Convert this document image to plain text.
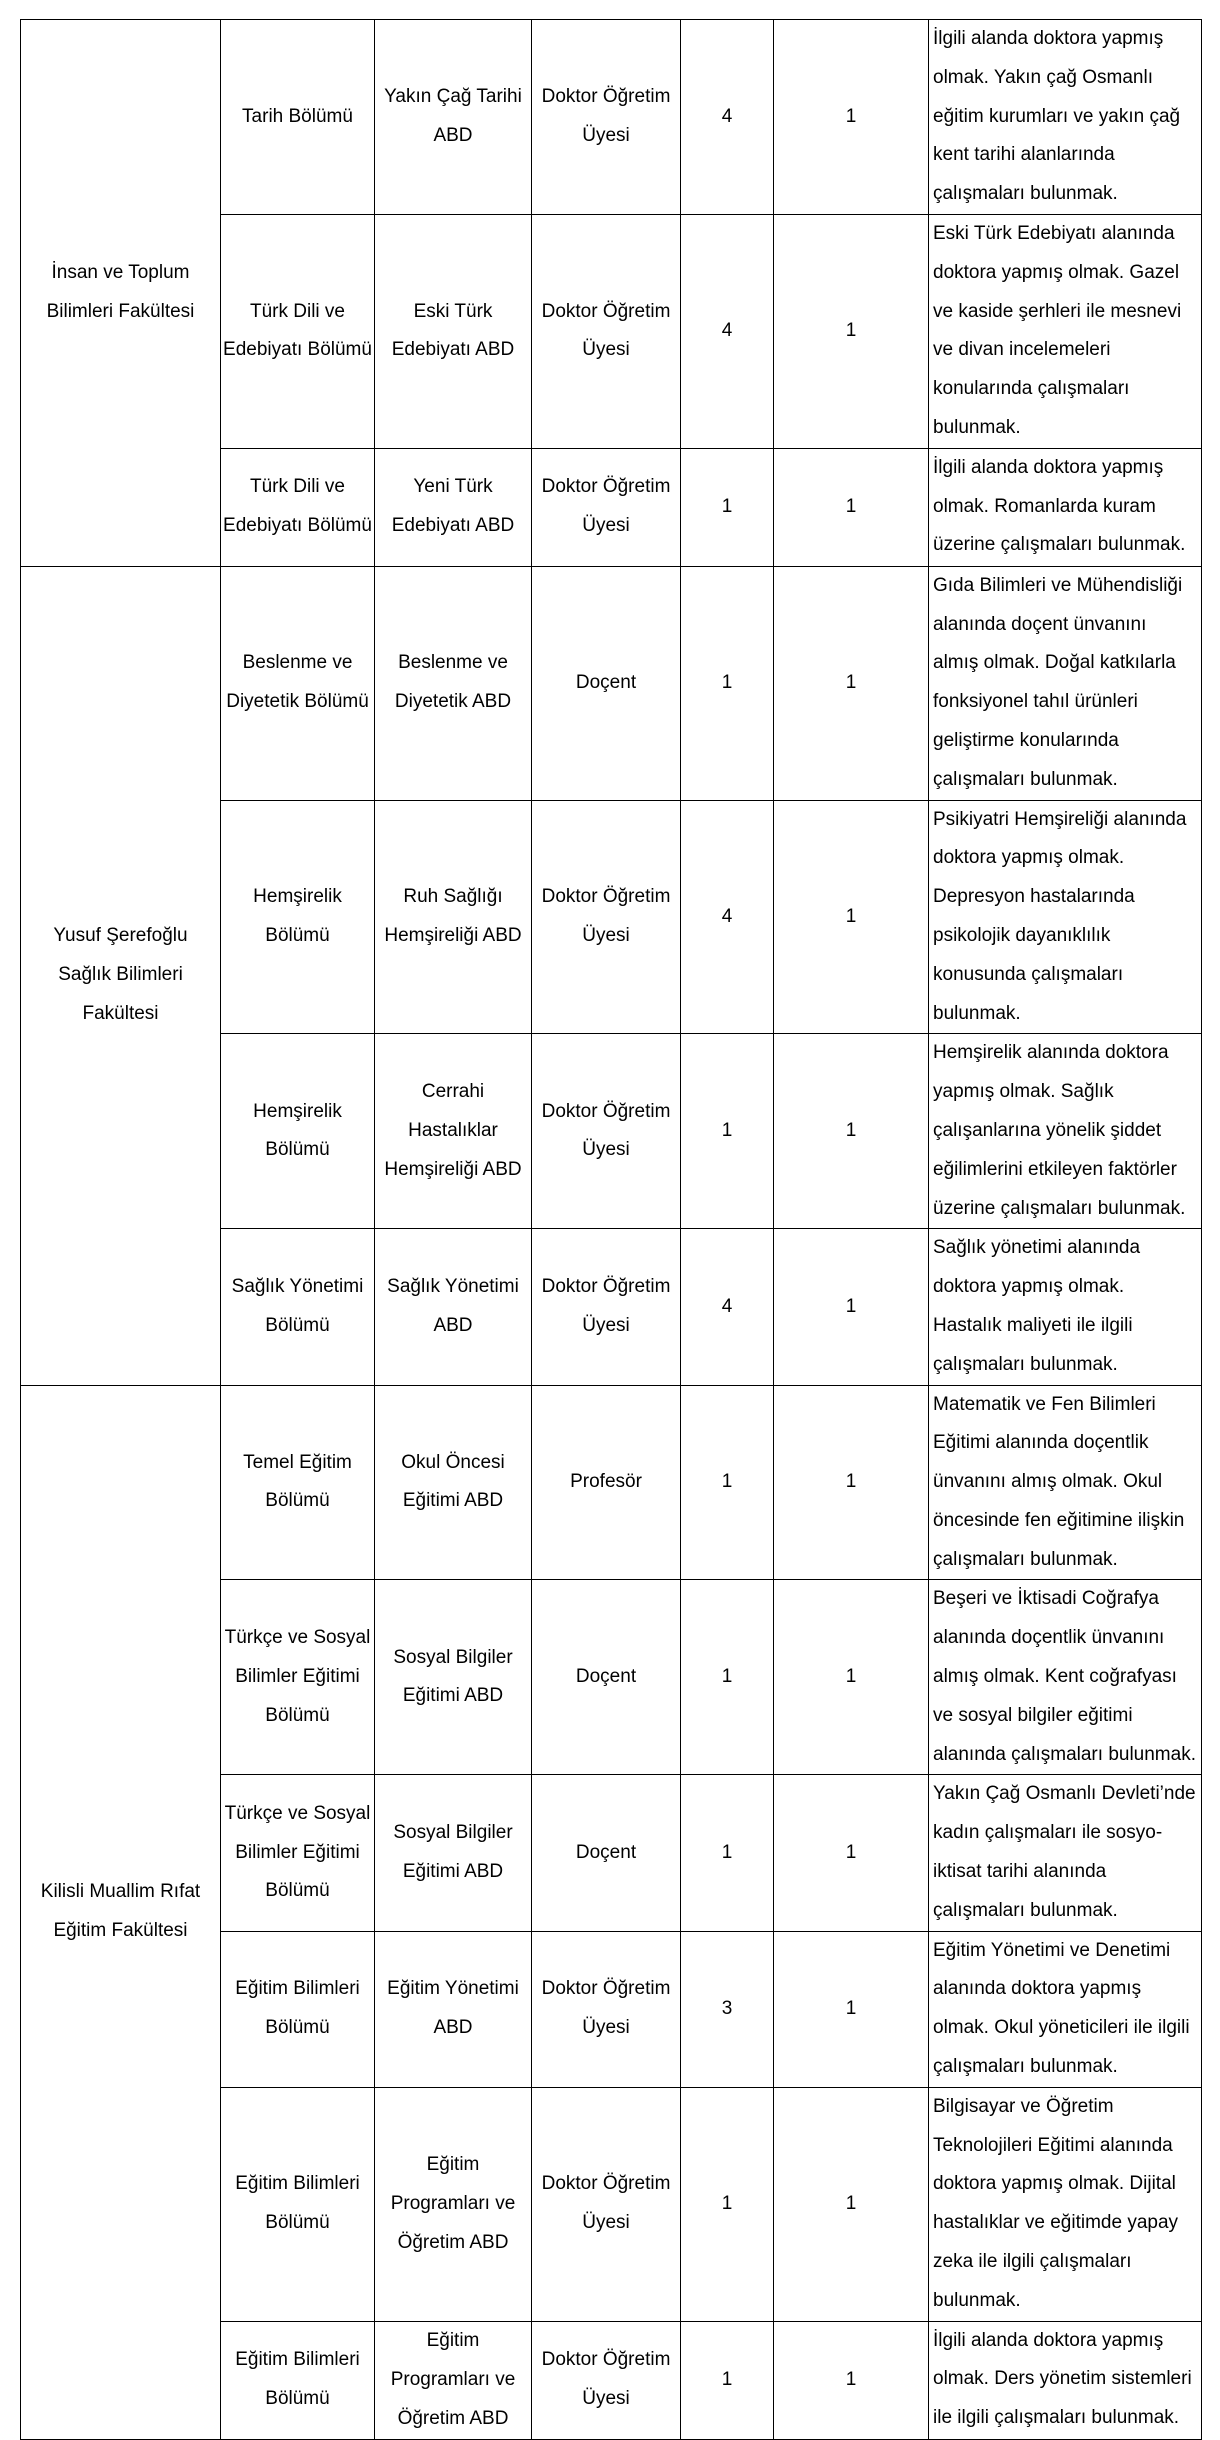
İnsan ve Toplum Bilimleri Fakültesi	Tarih Bölümü	Yakın Çağ Tarihi ABD	Doktor Öğretim Üyesi	4	1	İlgili alanda doktora yapmış olmak. Yakın çağ Osmanlı eğitim kurumları ve yakın çağ kent tarihi alanlarında çalışmaları bulunmak.
	Türk Dili ve Edebiyatı Bölümü	Eski Türk Edebiyatı ABD	Doktor Öğretim Üyesi	4	1	Eski Türk Edebiyatı alanında doktora yapmış olmak. Gazel ve kaside şerhleri ile mesnevi ve divan incelemeleri konularında çalışmaları bulunmak.
	Türk Dili ve Edebiyatı Bölümü	Yeni Türk Edebiyatı ABD	Doktor Öğretim Üyesi	1	1	İlgili alanda doktora yapmış olmak. Romanlarda kuram üzerine çalışmaları bulunmak.
Yusuf Şerefoğlu Sağlık Bilimleri Fakültesi	Beslenme ve Diyetetik Bölümü	Beslenme ve Diyetetik ABD	Doçent	1	1	Gıda Bilimleri ve Mühendisliği alanında doçent ünvanını almış olmak. Doğal katkılarla fonksiyonel tahıl ürünleri geliştirme konularında çalışmaları bulunmak.
	Hemşirelik Bölümü	Ruh Sağlığı Hemşireliği ABD	Doktor Öğretim Üyesi	4	1	Psikiyatri Hemşireliği alanında doktora yapmış olmak. Depresyon hastalarında psikolojik dayanıklılık konusunda çalışmaları bulunmak.
	Hemşirelik Bölümü	Cerrahi Hastalıklar Hemşireliği ABD	Doktor Öğretim Üyesi	1	1	Hemşirelik alanında doktora yapmış olmak. Sağlık çalışanlarına yönelik şiddet eğilimlerini etkileyen faktörler üzerine çalışmaları bulunmak.
	Sağlık Yönetimi Bölümü	Sağlık Yönetimi ABD	Doktor Öğretim Üyesi	4	1	Sağlık yönetimi alanında doktora yapmış olmak. Hastalık maliyeti ile ilgili çalışmaları bulunmak.
Kilisli Muallim Rıfat Eğitim Fakültesi	Temel Eğitim Bölümü	Okul Öncesi Eğitimi ABD	Profesör	1	1	Matematik ve Fen Bilimleri Eğitimi alanında doçentlik ünvanını almış olmak. Okul öncesinde fen eğitimine ilişkin çalışmaları bulunmak.
	Türkçe ve Sosyal Bilimler Eğitimi Bölümü	Sosyal Bilgiler Eğitimi ABD	Doçent	1	1	Beşeri ve İktisadi Coğrafya alanında doçentlik ünvanını almış olmak. Kent coğrafyası ve sosyal bilgiler eğitimi alanında çalışmaları bulunmak.
	Türkçe ve Sosyal Bilimler Eğitimi Bölümü	Sosyal Bilgiler Eğitimi ABD	Doçent	1	1	Yakın Çağ Osmanlı Devleti’nde kadın çalışmaları ile sosyo-iktisat tarihi alanında çalışmaları bulunmak.
	Eğitim Bilimleri Bölümü	Eğitim Yönetimi ABD	Doktor Öğretim Üyesi	3	1	Eğitim Yönetimi ve Denetimi alanında doktora yapmış olmak. Okul yöneticileri ile ilgili çalışmaları bulunmak.
	Eğitim Bilimleri Bölümü	Eğitim Programları ve Öğretim ABD	Doktor Öğretim Üyesi	1	1	Bilgisayar ve Öğretim Teknolojileri Eğitimi alanında doktora yapmış olmak. Dijital hastalıklar ve eğitimde yapay zeka ile ilgili çalışmaları bulunmak.
	Eğitim Bilimleri Bölümü	Eğitim Programları ve Öğretim ABD	Doktor Öğretim Üyesi	1	1	İlgili alanda doktora yapmış olmak. Ders yönetim sistemleri ile ilgili çalışmaları bulunmak.
